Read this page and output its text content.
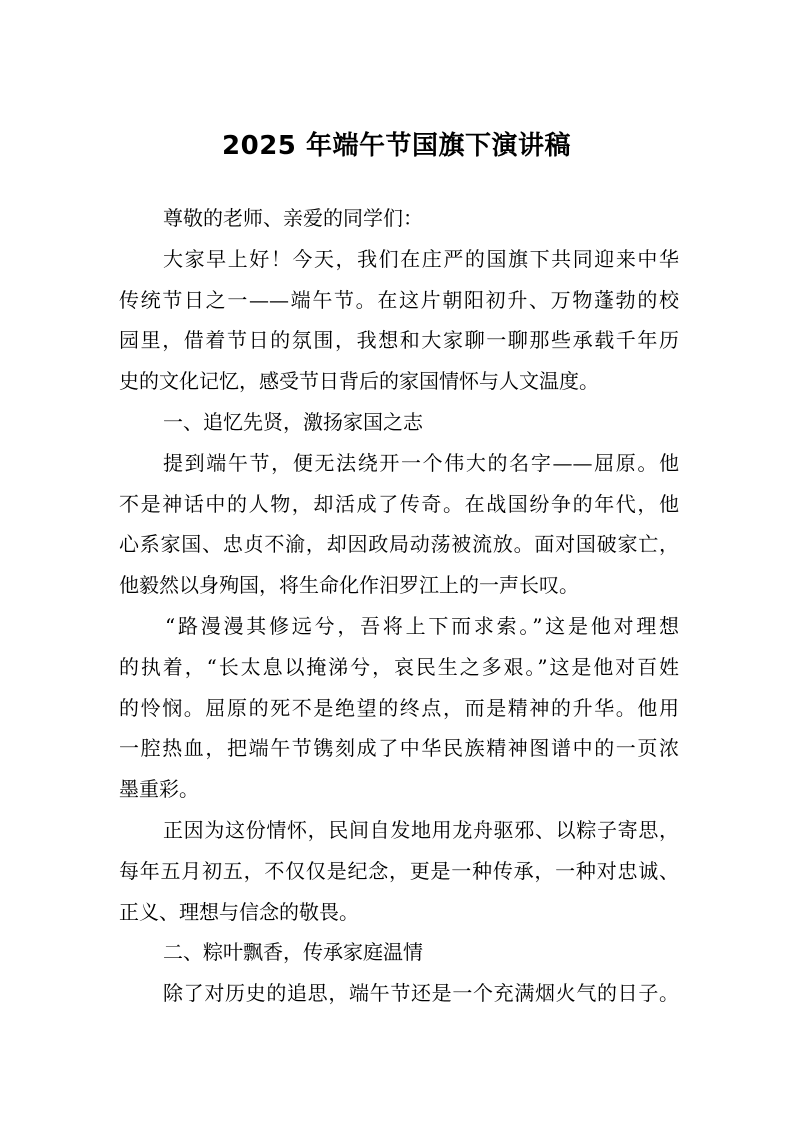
2025 年端午节国旗下演讲稿
尊敬的老师、亲爱的同学们：
大家早上好！今天，我们在庄严的国旗下共同迎来中华
传统节日之一——端午节。在这片朝阳初升、万物蓬勃的校
园里，借着节日的氛围，我想和大家聊一聊那些承载千年历
史的文化记忆，感受节日背后的家国情怀与人文温度。
一、追忆先贤，激扬家国之志
提到端午节，便无法绕开一个伟大的名字——屈原。他
不是神话中的人物，却活成了传奇。在战国纷争的年代，他
心系家国、忠贞不渝，却因政局动荡被流放。面对国破家亡，
他毅然以身殉国，将生命化作汨罗江上的一声长叹。
“路漫漫其修远兮，吾将上下而求索。”这是他对理想
的执着，“长太息以掩涕兮，哀民生之多艰。”这是他对百姓
的怜悯。屈原的死不是绝望的终点，而是精神的升华。他用
一腔热血，把端午节镌刻成了中华民族精神图谱中的一页浓
墨重彩。
正因为这份情怀，民间自发地用龙舟驱邪、以粽子寄思，
每年五月初五，不仅仅是纪念，更是一种传承，一种对忠诚、
正义、理想与信念的敬畏。
二、粽叶飘香，传承家庭温情
除了对历史的追思，端午节还是一个充满烟火气的日子。
